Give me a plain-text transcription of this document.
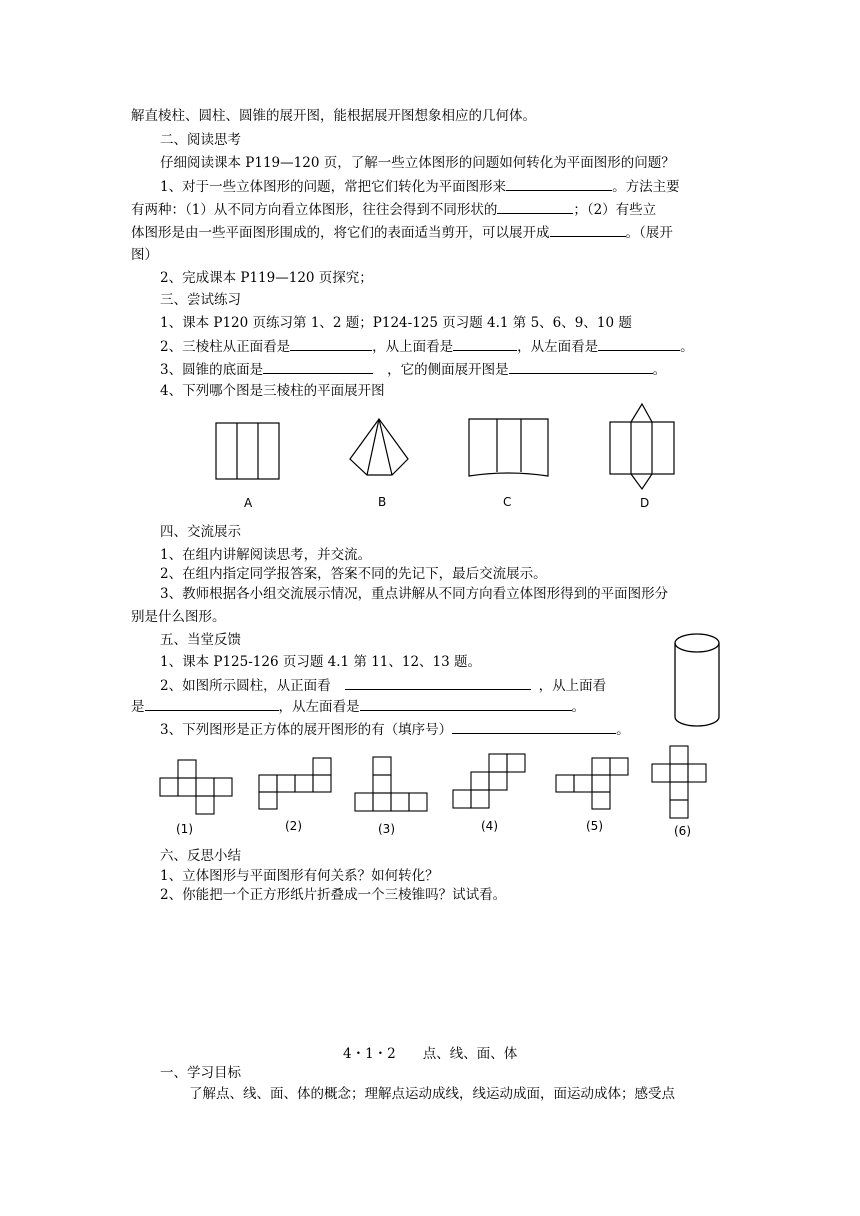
解直棱柱、圆柱、圆锥的展开图，能根据展开图想象相应的几何体。
二、阅读思考
仔细阅读课本 P119—120 页，了解一些立体图形的问题如何转化为平面图形的问题？
1、对于一些立体图形的问题，常把它们转化为平面图形来	。方法主要
有两种：（1）从不同方向看立体图形，往往会得到不同形状的	；（2）有些立
体图形是由一些平面图形围成的，将它们的表面适当剪开，可以展开成	。（展开
图）
2、完成课本 P119—120 页探究；
三、尝试练习
1、课本 P120 页练习第 1、2 题；P124-125 页习题 4.1 第 5、6、9、10 题
2、三棱柱从正面看是	，从上面看是	，从左面看是	。
3、圆锥的底面是	，它的侧面展开图是	。
4、下列哪个图是三棱柱的平面展开图
A	B	C	D
四、交流展示
1、在组内讲解阅读思考，并交流。
2、在组内指定同学报答案，答案不同的先记下，最后交流展示。
3、教师根据各小组交流展示情况，重点讲解从不同方向看立体图形得到的平面图形分
别是什么图形。
五、当堂反馈
1、课本 P125-126 页习题 4.1 第 11、12、13 题。
2、如图所示圆柱，从正面看	，从上面看
是	，从左面看是	。
3、下列图形是正方体的展开图形的有（填序号）	。
(1)	(2)	(3)	(4)	(5)	(6)
六、反思小结
1、立体图形与平面图形有何关系？如何转化？
2、你能把一个正方形纸片折叠成一个三棱锥吗？试试看。
4・1・2　　点、线、面、体
一、学习目标
了解点、线、面、体的概念；理解点运动成线，线运动成面，面运动成体；感受点
